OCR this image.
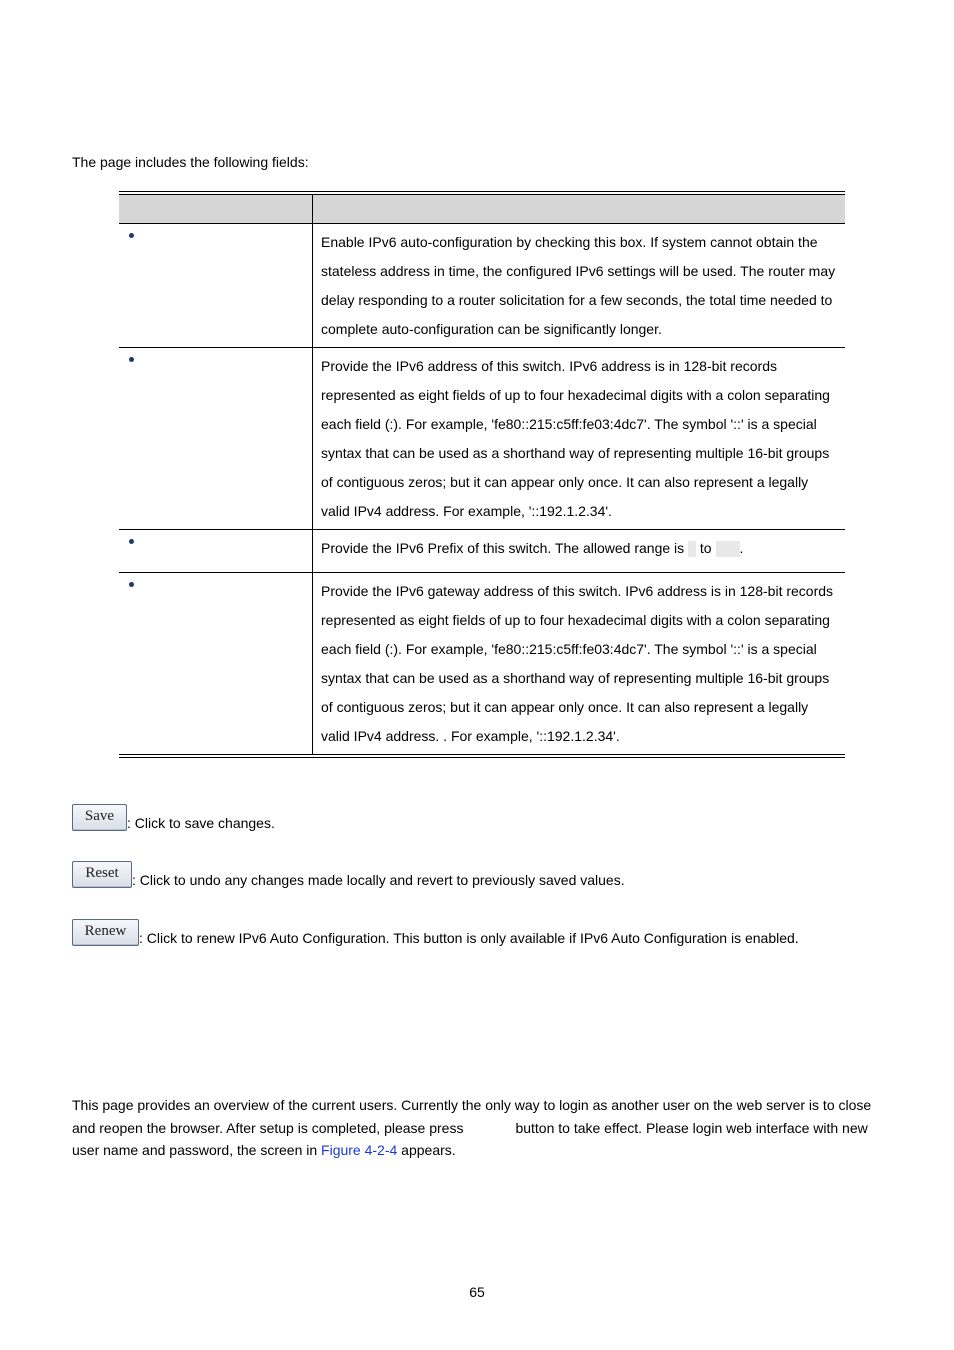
The page includes the following fields:

	Enable IPv6 auto-configuration by checking this box. If system cannot obtain the stateless address in time, the configured IPv6 settings will be used. The router may delay responding to a router solicitation for a few seconds, the total time needed to complete auto-configuration can be significantly longer.

	Provide the IPv6 address of this switch. IPv6 address is in 128-bit records represented as eight fields of up to four hexadecimal digits with a colon separating each field (:). For example, 'fe80::215:c5ff:fe03:4dc7'. The symbol '::' is a special syntax that can be used as a shorthand way of representing multiple 16-bit groups of contiguous zeros; but it can appear only once. It can also represent a legally valid IPv4 address. For example, '::192.1.2.34'.

	Provide the IPv6 Prefix of this switch. The allowed range is  to .

	Provide the IPv6 gateway address of this switch. IPv6 address is in 128-bit records represented as eight fields of up to four hexadecimal digits with a colon separating each field (:). For example, 'fe80::215:c5ff:fe03:4dc7'. The symbol '::' is a special syntax that can be used as a shorthand way of representing multiple 16-bit groups of contiguous zeros; but it can appear only once. It can also represent a legally valid IPv4 address. . For example, '::192.1.2.34'.
Save : Click to save changes.
Reset : Click to undo any changes made locally and revert to previously saved values.
Renew : Click to renew IPv6 Auto Configuration. This button is only available if IPv6 Auto Configuration is enabled.
This page provides an overview of the current users. Currently the only way to login as another user on the web server is to close and reopen the browser. After setup is completed, please press	button to take effect. Please login web interface with new user name and password, the screen in Figure 4-2-4 appears.
65
